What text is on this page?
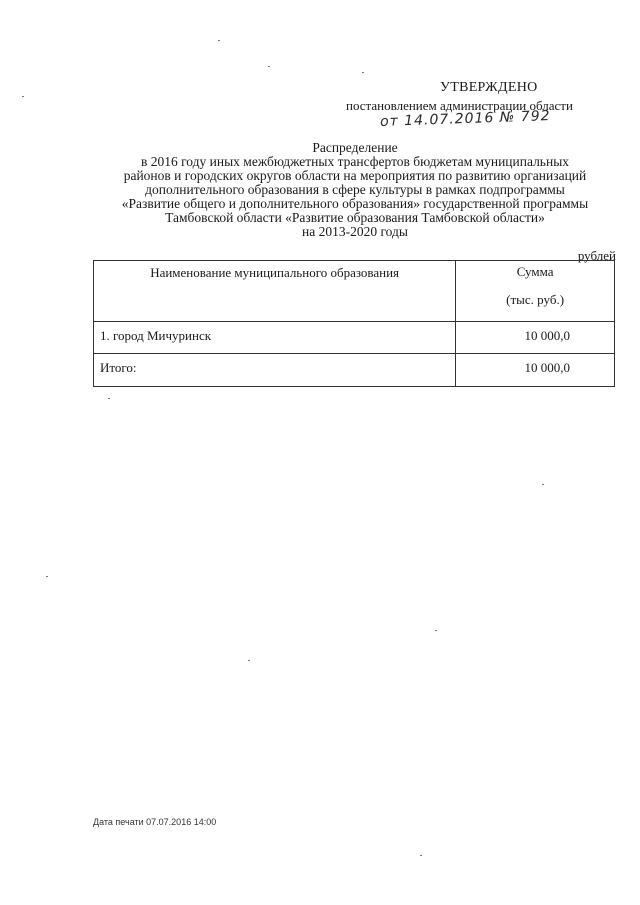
УТВЕРЖДЕНО
постановлением администрации области
от 14.07.2016 № 792
Распределение
в 2016 году иных межбюджетных трансфертов бюджетам муниципальных
районов и городских округов области на мероприятия по развитию организаций
дополнительного образования в сфере культуры в рамках подпрограммы
«Развитие общего и дополнительного образования» государственной программы
Тамбовской области «Развитие образования Тамбовской области»
на 2013-2020 годы
рублей
Наименование муниципального образования	Сумма
(тыс. руб.)
1. город Мичуринск	10 000,0
Итого:	10 000,0
Дата печати 07.07.2016 14:00
